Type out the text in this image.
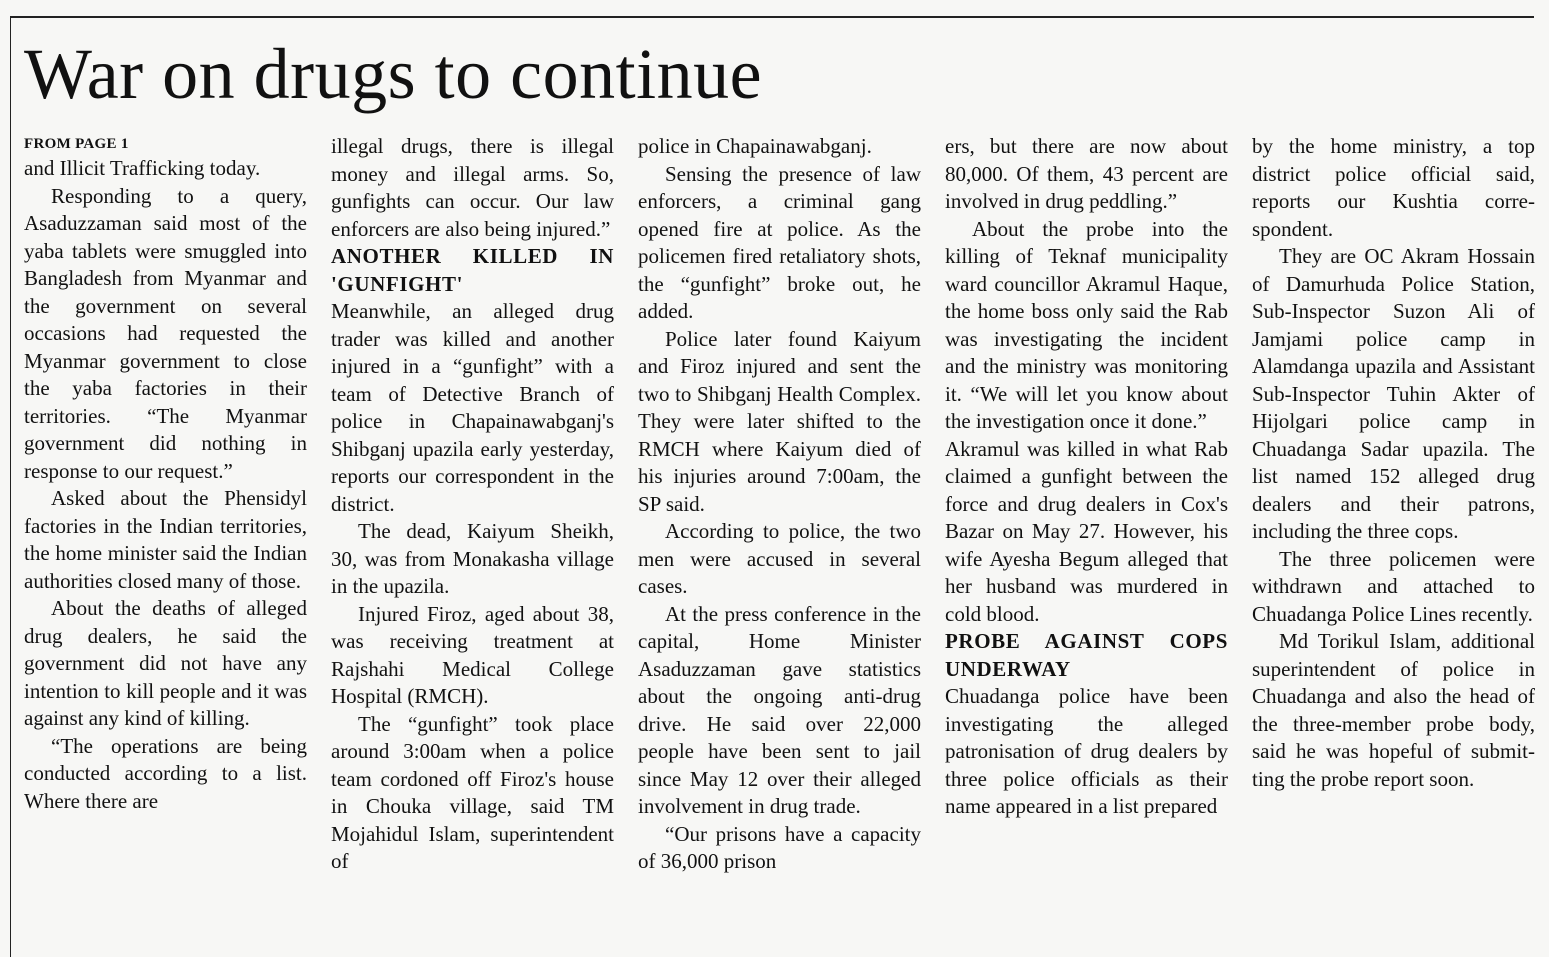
War on drugs to continue

FROM PAGE 1

and Illicit Trafficking today.

Responding to a query, Asaduzzaman said most of the yaba tablets were smuggled into Bangladesh from Myanmar and the government on several occasions had requested the Myanmar government to close the yaba factories in their territories. “The Myanmar government did nothing in response to our request.”

Asked about the Phensidyl factories in the Indian territories, the home minister said the Indian authorities closed many of those.

About the deaths of alleged drug dealers, he said the government did not have any intention to kill people and it was against any kind of killing.

“The operations are being conducted according to a list. Where there are

illegal drugs, there is illegal money and illegal arms. So, gunfights can occur. Our law enforcers are also being injured.”

ANOTHER KILLED IN 'GUNFIGHT'

Meanwhile, an alleged drug trader was killed and another injured in a “gunfight” with a team of Detective Branch of police in Chapainawabganj's Shibganj upazila early yesterday, reports our correspondent in the district.

The dead, Kaiyum Sheikh, 30, was from Monakasha village in the upazila.

Injured Firoz, aged about 38, was receiving treatment at Rajshahi Medical College Hospital (RMCH).

The “gunfight” took place around 3:00am when a police team cordoned off Firoz's house in Chouka village, said TM Mojahidul Islam, superintendent of

police in Chapainawabganj.

Sensing the presence of law enforcers, a criminal gang opened fire at police. As the policemen fired retaliatory shots, the “gunfight” broke out, he added.

Police later found Kaiyum and Firoz injured and sent the two to Shibganj Health Complex. They were later shifted to the RMCH where Kaiyum died of his injuries around 7:00am, the SP said.

According to police, the two men were accused in several cases.

At the press conference in the capital, Home Minister Asaduzzaman gave statistics about the ongoing anti-drug drive. He said over 22,000 people have been sent to jail since May 12 over their alleged involvement in drug trade.

“Our prisons have a capacity of 36,000 prison

ers, but there are now about 80,000. Of them, 43 percent are involved in drug peddling.”

About the probe into the killing of Teknaf municipality ward councillor Akramul Haque, the home boss only said the Rab was investigating the incident and the ministry was monitoring it. “We will let you know about the investigation once it done.”

Akramul was killed in what Rab claimed a gunfight between the force and drug dealers in Cox's Bazar on May 27. However, his wife Ayesha Begum alleged that her husband was murdered in cold blood.

PROBE AGAINST COPS UNDERWAY

Chuadanga police have been investigating the alleged patronisation of drug dealers by three police officials as their name appeared in a list prepared

by the home ministry, a top district police official said, reports our Kushtia correspondent.

They are OC Akram Hossain of Damurhuda Police Station, Sub-Inspector Suzon Ali of Jamjami police camp in Alamdanga upazila and Assistant Sub-Inspector Tuhin Akter of Hijolgari police camp in Chuadanga Sadar upazila. The list named 152 alleged drug dealers and their patrons, including the three cops.

The three policemen were withdrawn and attached to Chuadanga Police Lines recently.

Md Torikul Islam, additional superintendent of police in Chuadanga and also the head of the three-member probe body, said he was hopeful of submitting the probe report soon.
